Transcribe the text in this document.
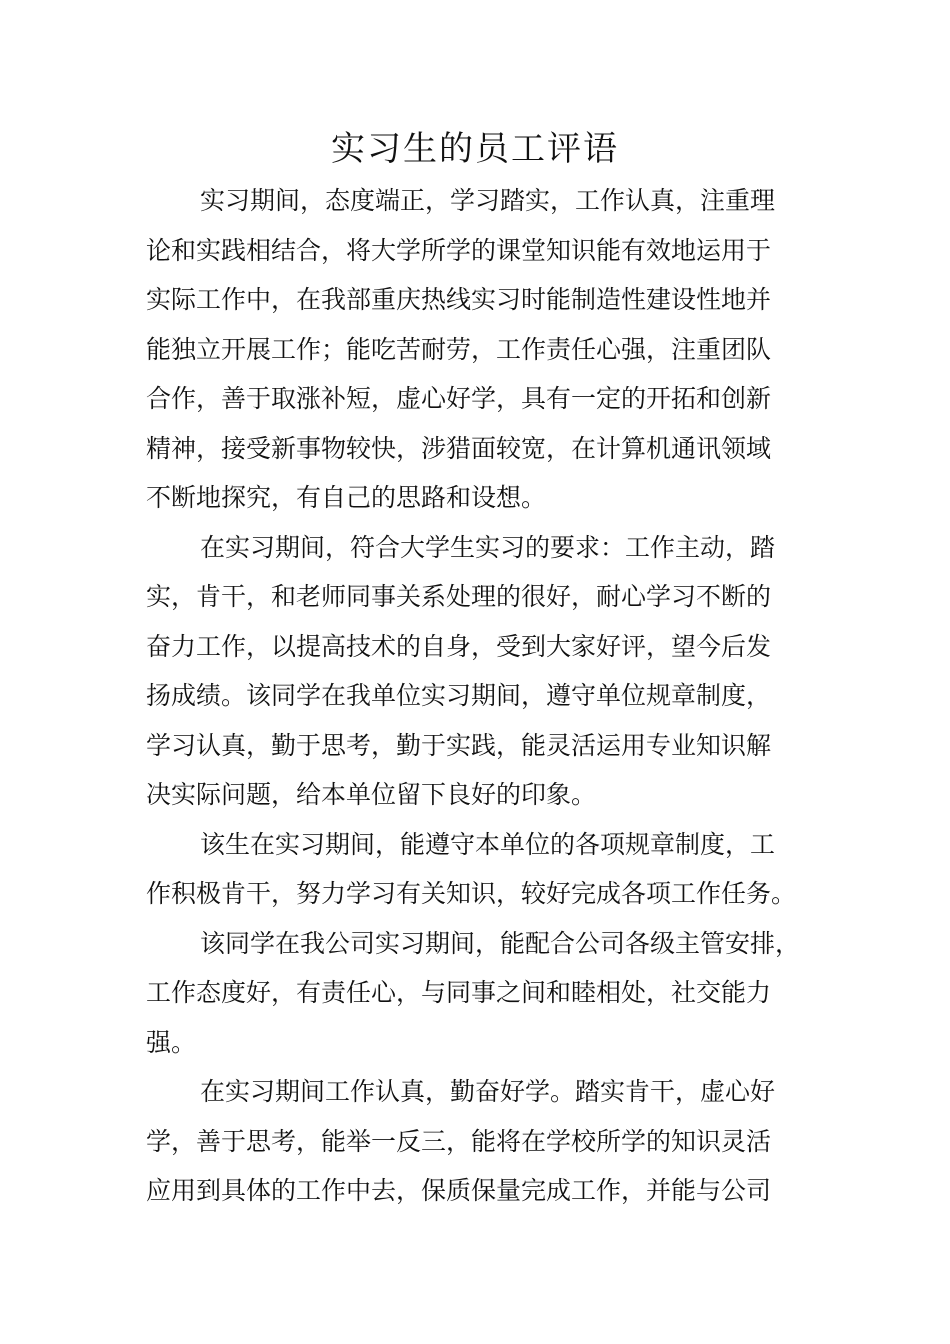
实习生的员工评语
实习期间，态度端正，学习踏实，工作认真，注重理
论和实践相结合，将大学所学的课堂知识能有效地运用于
实际工作中，在我部重庆热线实习时能制造性建设性地并
能独立开展工作；能吃苦耐劳，工作责任心强，注重团队
合作，善于取涨补短，虚心好学，具有一定的开拓和创新
精神，接受新事物较快，涉猎面较宽，在计算机通讯领域
不断地探究，有自己的思路和设想。
在实习期间，符合大学生实习的要求：工作主动，踏
实，肯干，和老师同事关系处理的很好，耐心学习不断的
奋力工作，以提高技术的自身，受到大家好评，望今后发
扬成绩。该同学在我单位实习期间，遵守单位规章制度，
学习认真，勤于思考，勤于实践，能灵活运用专业知识解
决实际问题，给本单位留下良好的印象。
该生在实习期间，能遵守本单位的各项规章制度，工
作积极肯干，努力学习有关知识，较好完成各项工作任务。
该同学在我公司实习期间，能配合公司各级主管安排，
工作态度好，有责任心，与同事之间和睦相处，社交能力
强。
在实习期间工作认真，勤奋好学。踏实肯干，虚心好
学，善于思考，能举一反三，能将在学校所学的知识灵活
应用到具体的工作中去，保质保量完成工作，并能与公司
